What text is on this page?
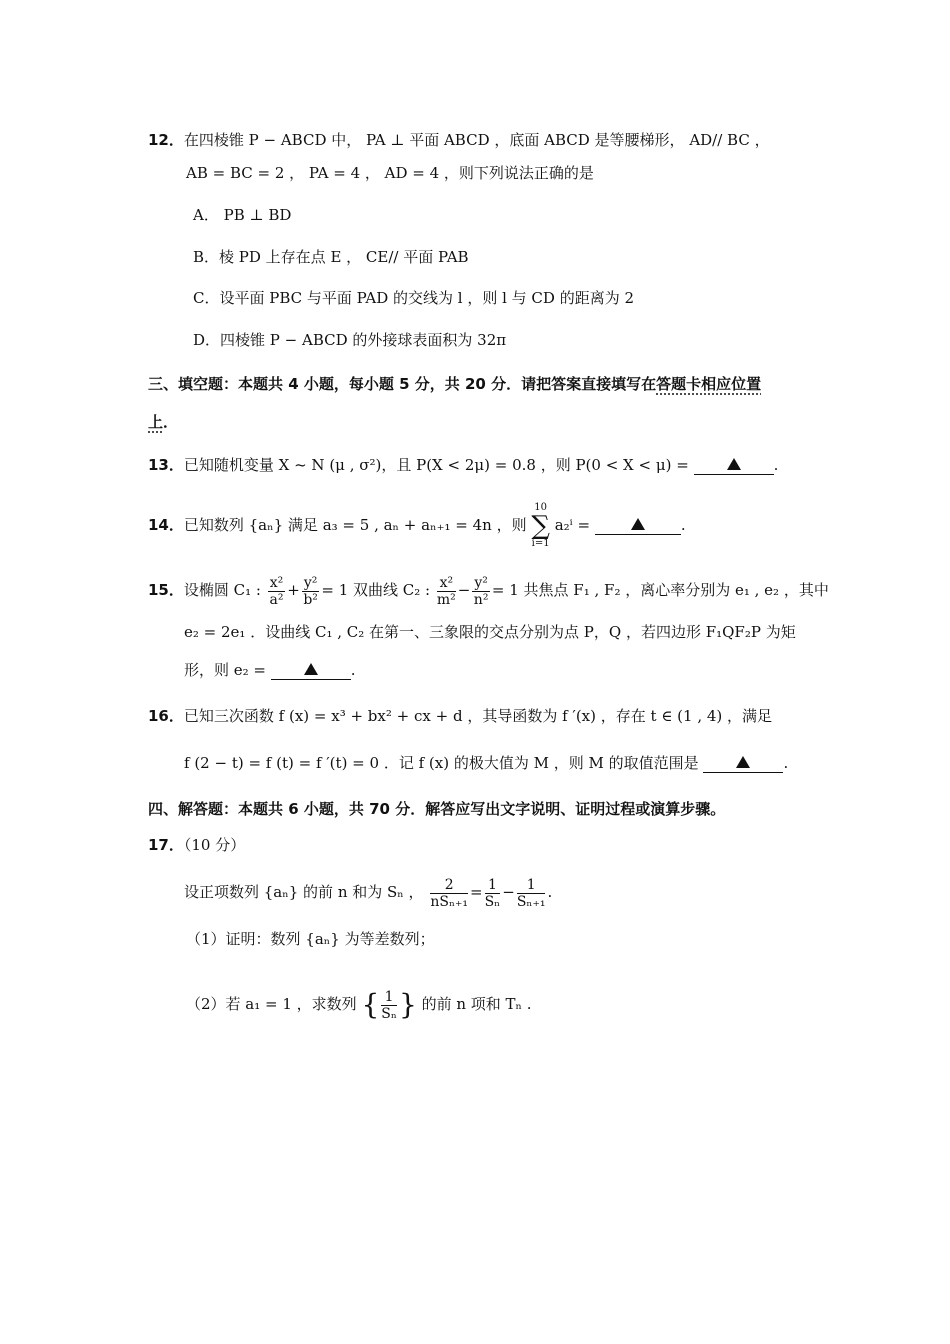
12．在四棱锥 P − ABCD 中， PA ⊥ 平面 ABCD ，底面 ABCD 是等腰梯形， AD// BC ，
AB = BC = 2 ， PA = 4 ， AD = 4 ，则下列说法正确的是
A． PB ⊥ BD
B．棱 PD 上存在点 E ， CE// 平面 PAB
C．设平面 PBC 与平面 PAD 的交线为 l ，则 l 与 CD 的距离为 2
D．四棱锥 P − ABCD 的外接球表面积为 32π
三、填空题：本题共 4 小题，每小题 5 分，共 20 分．请把答案直接填写在答题卡相应位置
上．
13．已知随机变量 X ~ N (μ , σ²)，且 P(X < 2μ) = 0.8 ，则 P(0 < X < μ) =	.
14．已知数列 {aₙ} 满足 a₃ = 5 , aₙ + aₙ₊₁ = 4n ，则
10
∑
i=1
a₂ⁱ =	.
15．设椭圆 C₁ : $\frac{\text{x²}}{\text{a²}} + \frac{\text{y²}}{\text{b²}} = 1$ 双曲线 C₂ : $\frac{\text{x²}}{\text{m²}} - \frac{\text{y²}}{\text{n²}} = 1$ 共焦点 F₁ , F₂ ，离心率分别为 e₁ , e₂ ，其中
e₂ = 2e₁ ．设曲线 C₁ , C₂ 在第一、三象限的交点分别为点 P，Q ，若四边形 F₁QF₂P 为矩
形，则 e₂ =	.
16．已知三次函数 f (x) = x³ + bx² + cx + d ，其导函数为 f ′(x) ，存在 t ∈ (1 , 4) ，满足
f (2 − t) = f (t) = f ′(t) = 0 ．记 f (x) 的极大值为 M ，则 M 的取值范围是	.
四、解答题：本题共 6 小题，共 70 分．解答应写出文字说明、证明过程或演算步骤。
17．（10 分）
设正项数列 {aₙ} 的前 n 和为 Sₙ ， $\frac{2}{\text{nSₙ₊₁}} = \frac{1}{\text{Sₙ}} - \frac{1}{\text{Sₙ₊₁}}$ .
（1）证明：数列 {aₙ} 为等差数列；
（2）若 a₁ = 1 ，求数列 { $\frac{1}{\text{Sₙ}}$ } 的前 n 项和 Tₙ .
